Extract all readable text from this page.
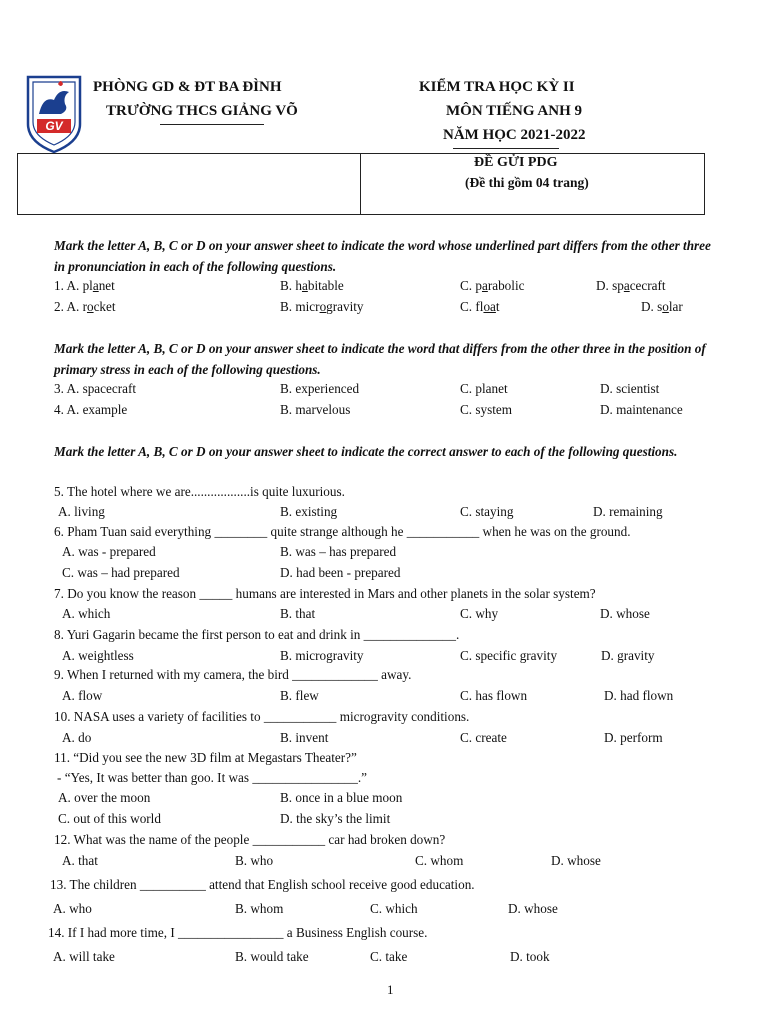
GV
PHÒNG GD & ĐT BA ĐÌNH
TRƯỜNG THCS GIẢNG VÕ
KIỂM TRA HỌC KỲ II
MÔN TIẾNG ANH 9
NĂM HỌC 2021-2022
ĐỀ GỬI PDG
(Đề thi gồm 04 trang)
Mark the letter A, B, C or D on your answer sheet to indicate the word whose underlined part differs from the other three in pronunciation in each of the following questions.
1. A. planet	B. habitable	C. parabolic	D. spacecraft
2. A. rocket	B. microgravity	C. float	D. solar
Mark the letter A, B, C or D on your answer sheet to indicate the word that differs from the other three in the position of primary stress in each of the following questions.
3. A. spacecraft	B. experienced	C. planet	D. scientist
4. A. example	B. marvelous	C. system	D. maintenance
Mark the letter A, B, C or D on your answer sheet to indicate the correct answer to each of the following questions.
5. The hotel where we are..................is quite luxurious.
A. living	B. existing	C. staying	D. remaining
6. Pham Tuan said everything ________ quite strange although he ___________ when he was on the ground.
A. was - prepared	B. was – has prepared
C. was – had prepared	D. had been - prepared
7. Do you know the reason _____ humans are interested in Mars and other planets in the solar system?
A. which	B. that	C. why	D. whose
8. Yuri Gagarin became the first person to eat and drink in ______________.
A. weightless	B. microgravity	C. specific gravity	D. gravity
9. When I returned with my camera, the bird _____________ away.
A. flow	B. flew	C. has flown	D. had flown
10. NASA uses a variety of facilities to ___________ microgravity conditions.
A. do	B. invent	C. create	D. perform
11. “Did you see the new 3D film at Megastars Theater?”
- “Yes, It was better than goo. It was ________________.”
A. over the moon	B. once in a blue moon
C. out of this world	D. the sky’s the limit
12. What was the name of the people ___________ car had broken down?
A. that	B. who	C. whom	D. whose
13. The children __________ attend that English school receive good education.
A. who	B. whom	C. which	D. whose
14. If I had more time, I ________________ a Business English course.
A. will take	B. would take	C. take	D. took
1
